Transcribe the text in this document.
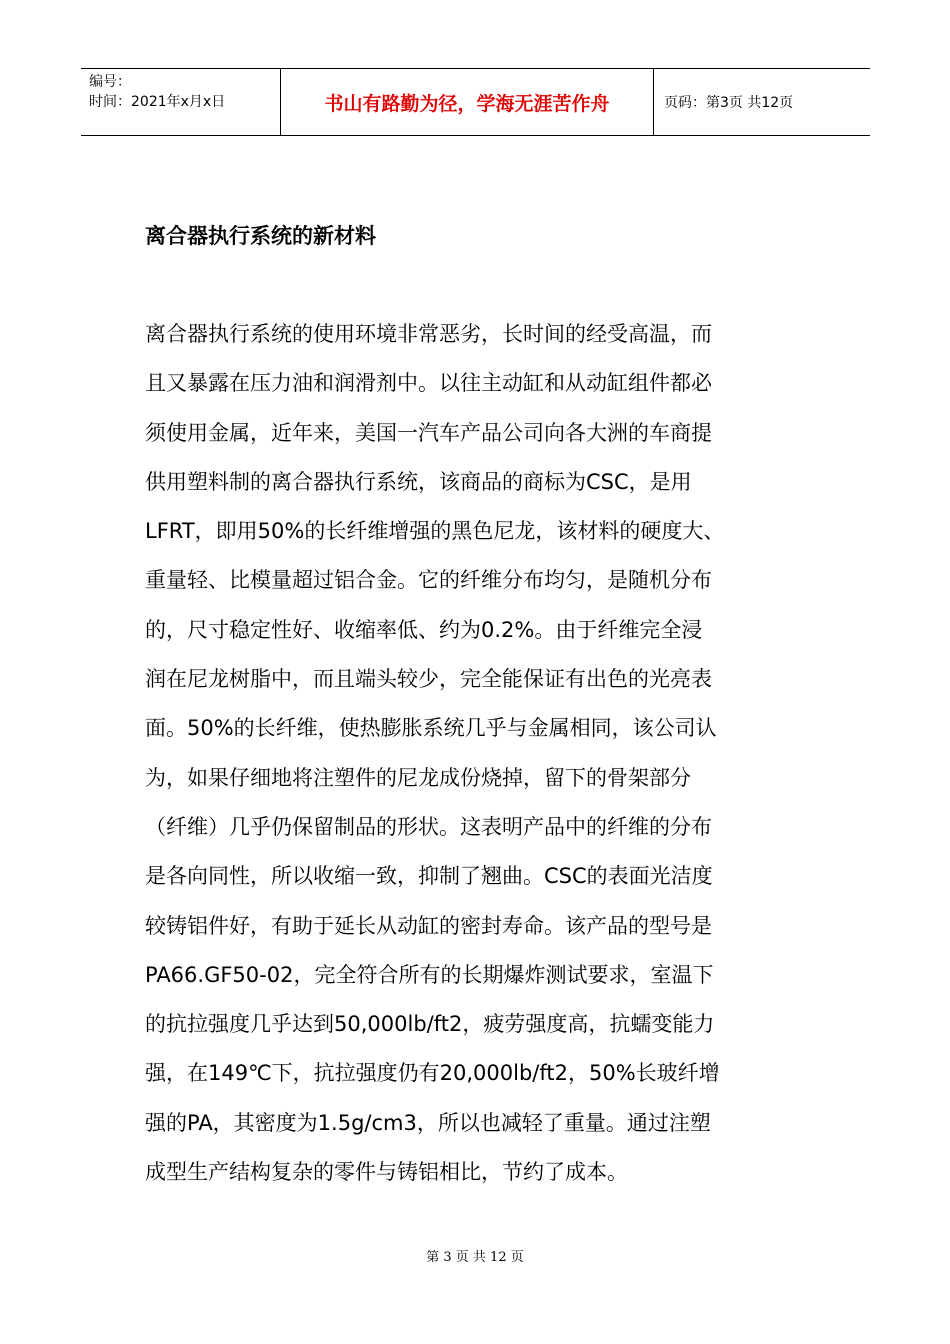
编号：
时间：2021年x月x日	书山有路勤为径，学海无涯苦作舟	页码：第3页 共12页
离合器执行系统的新材料
离合器执行系统的使用环境非常恶劣，长时间的经受高温，而
且又暴露在压力油和润滑剂中。以往主动缸和从动缸组件都必
须使用金属，近年来，美国一汽车产品公司向各大洲的车商提
供用塑料制的离合器执行系统，该商品的商标为CSC，是用
LFRT，即用50%的长纤维增强的黑色尼龙，该材料的硬度大、
重量轻、比模量超过铝合金。它的纤维分布均匀，是随机分布
的，尺寸稳定性好、收缩率低、约为0.2%。由于纤维完全浸
润在尼龙树脂中，而且端头较少，完全能保证有出色的光亮表
面。50%的长纤维，使热膨胀系统几乎与金属相同，该公司认
为，如果仔细地将注塑件的尼龙成份烧掉，留下的骨架部分
（纤维）几乎仍保留制品的形状。这表明产品中的纤维的分布
是各向同性，所以收缩一致，抑制了翘曲。CSC的表面光洁度
较铸铝件好，有助于延长从动缸的密封寿命。该产品的型号是
PA66.GF50-02，完全符合所有的长期爆炸测试要求，室温下
的抗拉强度几乎达到50,000lb/ft2，疲劳强度高，抗蠕变能力
强，在149℃下，抗拉强度仍有20,000lb/ft2，50%长玻纤增
强的PA，其密度为1.5g/cm3，所以也减轻了重量。通过注塑
成型生产结构复杂的零件与铸铝相比，节约了成本。
第 3 页 共 12 页
